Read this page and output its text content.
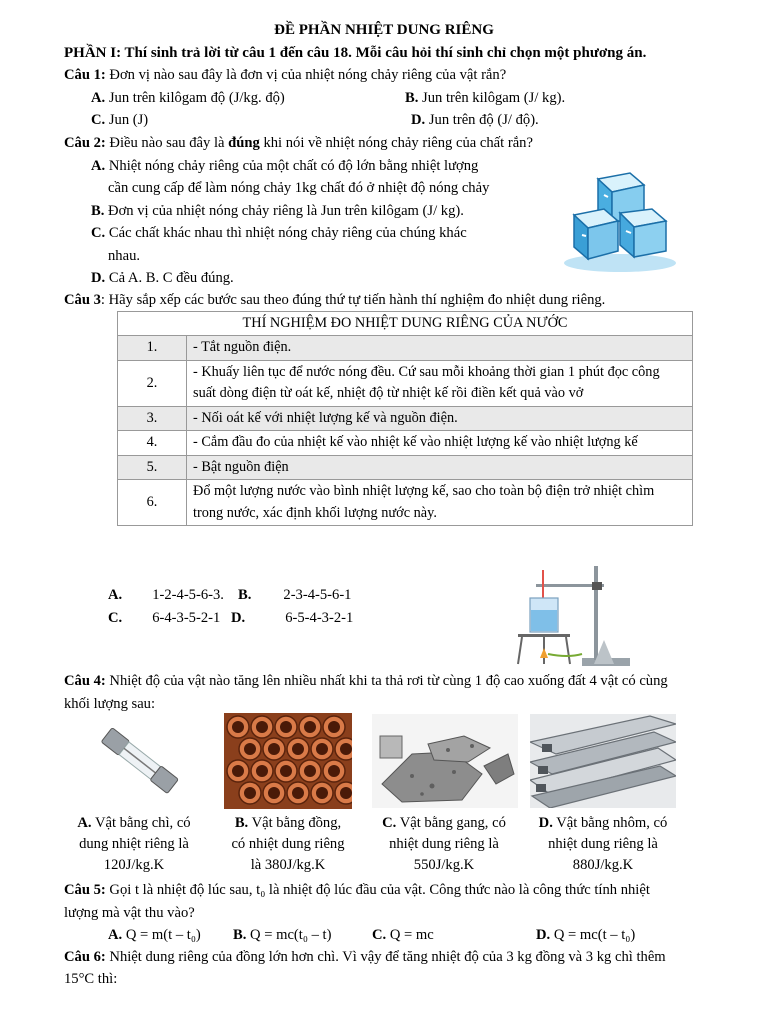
ĐỀ PHẦN NHIỆT DUNG RIÊNG
PHẦN I: Thí sinh trả lời từ câu 1 đến câu 18. Mỗi câu hỏi thí sinh chỉ chọn một phương án.
Câu 1: Đơn vị nào sau đây là đơn vị của nhiệt nóng chảy riêng của vật rắn?
A. Jun trên kilôgam độ (J/kg. độ)	B. Jun trên kilôgam (J/ kg).
C. Jun (J)	D. Jun trên độ (J/ độ).
Câu 2: Điều nào sau đây là đúng khi nói về nhiệt nóng chảy riêng của chất rắn?
A. Nhiệt nóng chảy riêng của một chất có độ lớn bằng nhiệt lượng
cần cung cấp để làm nóng chảy 1kg chất đó ở nhiệt độ nóng chảy
B. Đơn vị của nhiệt nóng chảy riêng là Jun trên kilôgam (J/ kg).
C. Các chất khác nhau thì nhiệt nóng chảy riêng của chúng khác
nhau.
D. Cả A. B. C đều đúng.
Câu 3: Hãy sắp xếp các bước sau theo đúng thứ tự tiến hành thí nghiệm đo nhiệt dung riêng.
THÍ NGHIỆM ĐO NHIỆT DUNG RIÊNG CỦA NƯỚC	
1.	- Tắt nguồn điện.
2.	- Khuấy liên tục để nước nóng đều. Cứ sau mỗi khoảng thời gian 1 phút đọc công suất dòng điện từ oát kế, nhiệt độ từ nhiệt kế rồi điền kết quả vào vở
3.	- Nối oát kế với nhiệt lượng kế và nguồn điện.
4.	- Cắm đầu đo của nhiệt kế vào nhiệt kế vào nhiệt lượng kế vào nhiệt lượng kế
5.	- Bật nguồn điện
6.	Đổ một lượng nước vào bình nhiệt lượng kế, sao cho toàn bộ điện trở nhiệt chìm trong nước, xác định khối lượng nước này.
A. 1-2-4-5-6-3. B. 2-3-4-5-6-1
C. 6-4-3-5-2-1 D.	6-5-4-3-2-1
Câu 4: Nhiệt độ của vật nào tăng lên nhiều nhất khi ta thả rơi từ cùng 1 độ cao xuống đất 4 vật có cùng
khối lượng sau:
A. Vật bằng chì, có
dung nhiệt riêng là
120J/kg.K
B. Vật bằng đồng,
có nhiệt dung riêng
là 380J/kg.K
C. Vật bằng gang, có
nhiệt dung riêng là
550J/kg.K
D. Vật bằng nhôm, có
nhiệt dung riêng là
880J/kg.K
Câu 5: Gọi t là nhiệt độ lúc sau, t₀ là nhiệt độ lúc đầu của vật. Công thức nào là công thức tính nhiệt
lượng mà vật thu vào?
A. Q = m(t – t₀) B. Q = mc(t₀ – t)	C. Q = mc	D. Q = mc(t – t₀)
Câu 6: Nhiệt dung riêng của đồng lớn hơn chì. Vì vậy để tăng nhiệt độ của 3 kg đồng và 3 kg chì thêm
15°C thì:
